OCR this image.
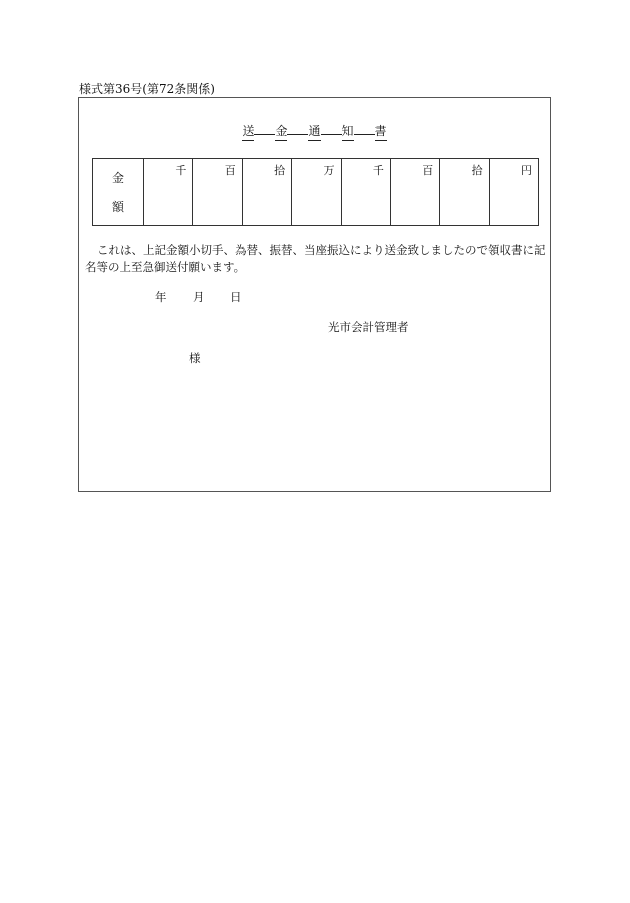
様式第36号(第72条関係)
送 金 通 知 書
金
額
	千	百	拾	万	千	百	拾	円
これは、上記金額小切手、為替、振替、当座振込により送金致しましたので領収書に記名等の上至急御送付願います。
年 月 日
光市会計管理者
様
